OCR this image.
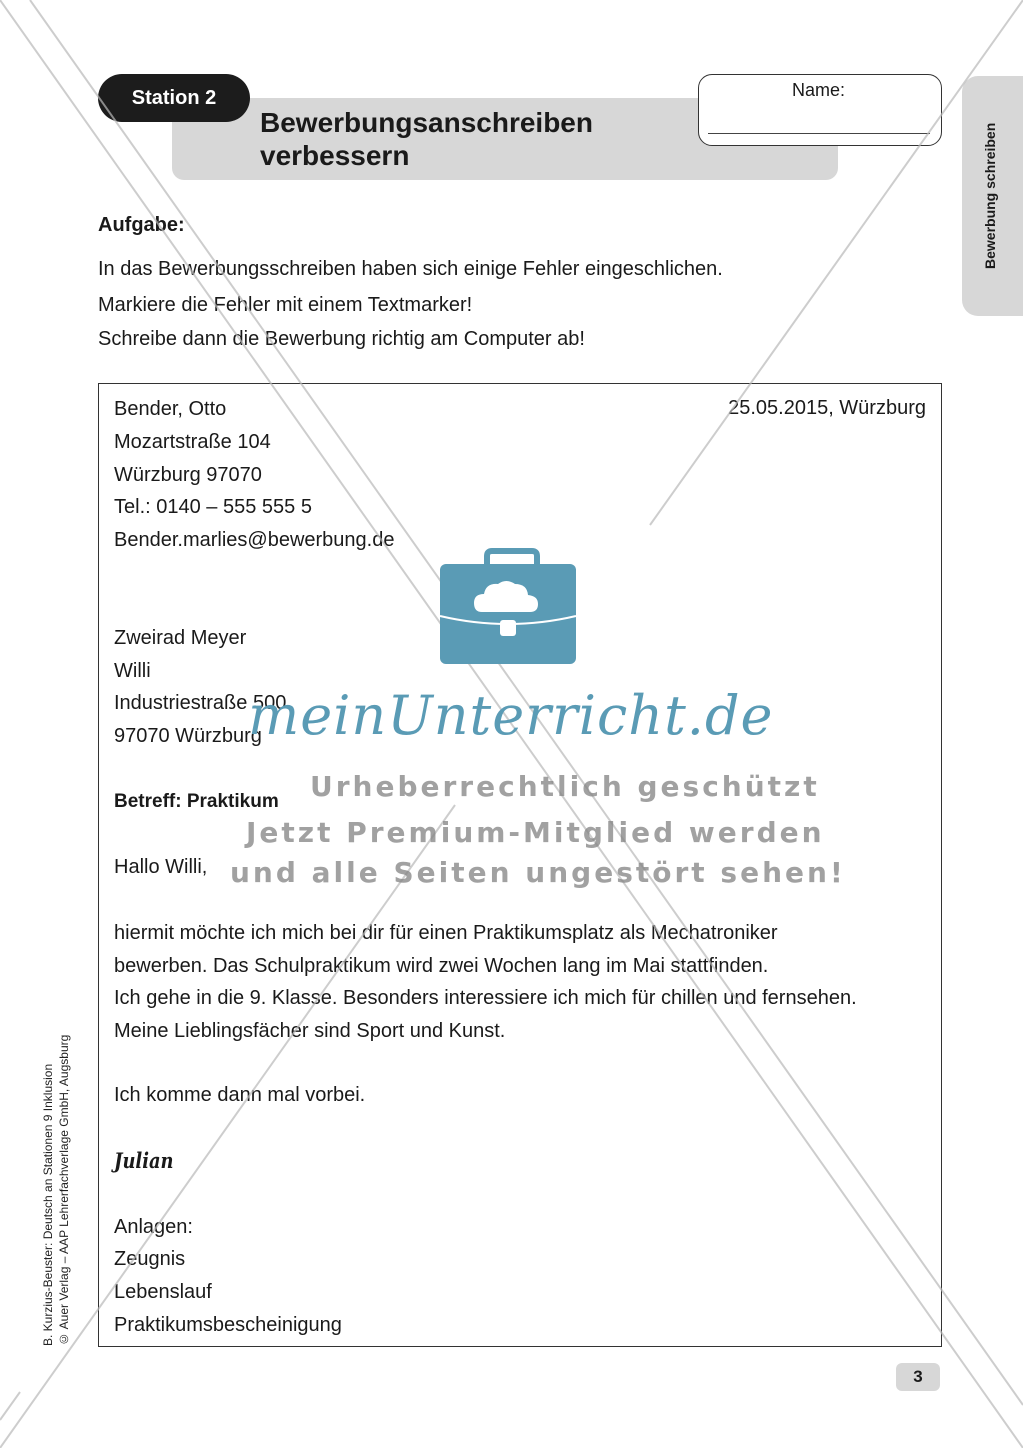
Station 2
Bewerbungsanschreiben
verbessern
Name:
Bewerbung schreiben
Aufgabe:
In das Bewerbungsschreiben haben sich einige Fehler eingeschlichen.
Markiere die Fehler mit einem Textmarker!
Schreibe dann die Bewerbung richtig am Computer ab!
25.05.2015, Würzburg
Bender, Otto
Mozartstraße 104
Würzburg 97070
Tel.: 0140 – 555 555 5
Bender.marlies@bewerbung.de
Zweirad Meyer
Willi
Industriestraße 500
97070 Würzburg
Betreff: Praktikum
Hallo Willi,
hiermit möchte ich mich bei dir für einen Praktikumsplatz als Mechatroniker
bewerben. Das Schulpraktikum wird zwei Wochen lang im Mai stattfinden.
Ich gehe in die 9. Klasse. Besonders interessiere ich mich für chillen und fernsehen.
Meine Lieblingsfächer sind Sport und Kunst.
Ich komme dann mal vorbei.
Julian
Anlagen:
Zeugnis
Lebenslauf
Praktikumsbescheinigung
meinUnterricht.de
Urheberrechtlich geschützt
Jetzt Premium-Mitglied werden
und alle Seiten ungestört sehen!
B. Kurzius-Beuster: Deutsch an Stationen 9 Inklusion © Auer Verlag – AAP Lehrerfachverlage GmbH, Augsburg
3
